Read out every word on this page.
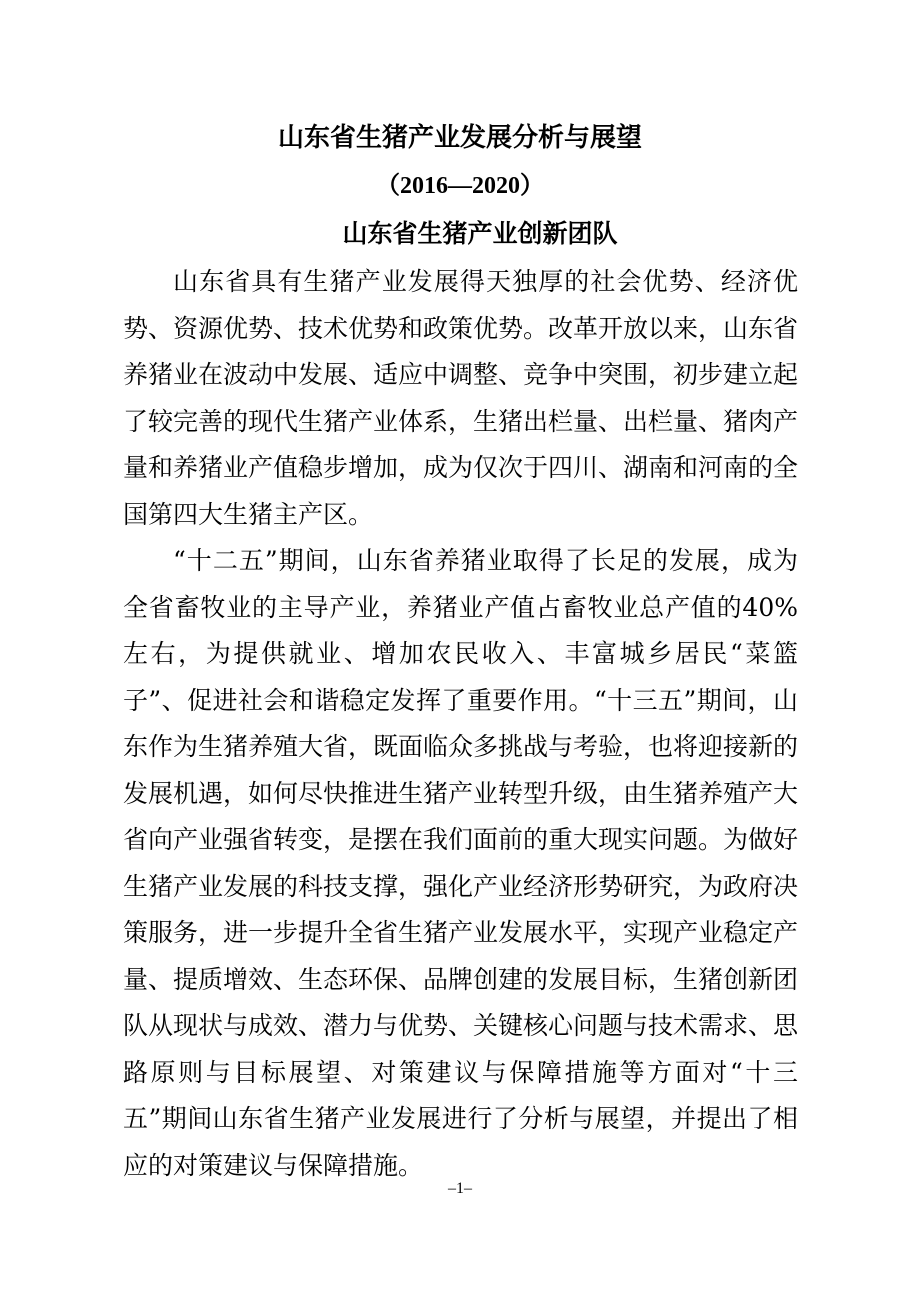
山东省生猪产业发展分析与展望
（2016—2020）
山东省生猪产业创新团队

山东省具有生猪产业发展得天独厚的社会优势、经济优势、资源优势、技术优势和政策优势。改革开放以来，山东省养猪业在波动中发展、适应中调整、竞争中突围，初步建立起了较完善的现代生猪产业体系，生猪出栏量、出栏量、猪肉产量和养猪业产值稳步增加，成为仅次于四川、湖南和河南的全国第四大生猪主产区。

“十二五”期间，山东省养猪业取得了长足的发展，成为全省畜牧业的主导产业，养猪业产值占畜牧业总产值的40%左右，为提供就业、增加农民收入、丰富城乡居民“菜篮子”、促进社会和谐稳定发挥了重要作用。“十三五”期间，山东作为生猪养殖大省，既面临众多挑战与考验，也将迎接新的发展机遇，如何尽快推进生猪产业转型升级，由生猪养殖产大省向产业强省转变，是摆在我们面前的重大现实问题。为做好生猪产业发展的科技支撑，强化产业经济形势研究，为政府决策服务，进一步提升全省生猪产业发展水平，实现产业稳定产量、提质增效、生态环保、品牌创建的发展目标，生猪创新团队从现状与成效、潜力与优势、关键核心问题与技术需求、思路原则与目标展望、对策建议与保障措施等方面对“十三五”期间山东省生猪产业发展进行了分析与展望，并提出了相应的对策建议与保障措施。

–1–
